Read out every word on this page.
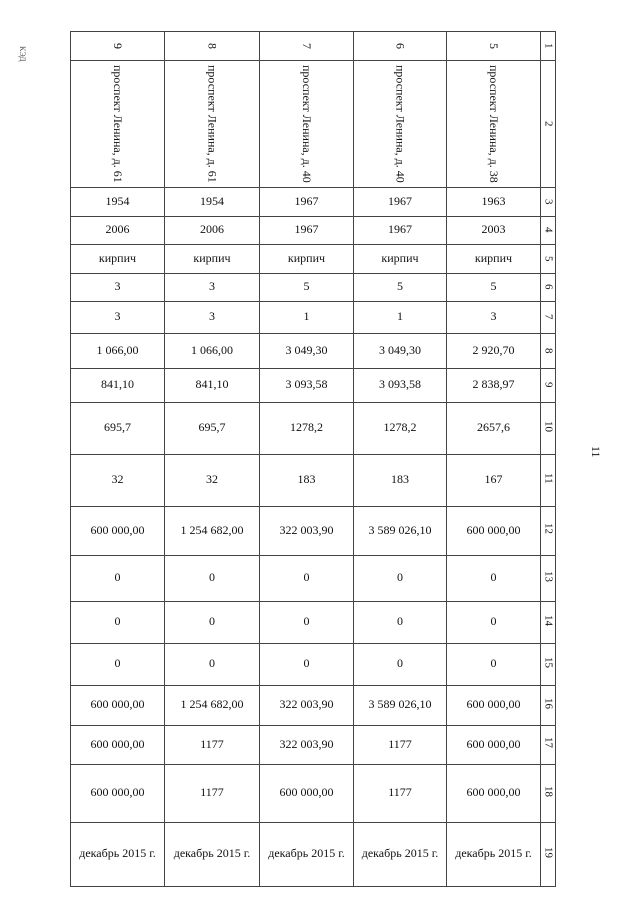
КЭД
11
9	8	7	6	5	1
проспект Ленина, д. 61	проспект Ленина, д. 61	проспект Ленина, д. 40	проспект Ленина, д. 40	проспект Ленина, д. 38	2
1954	1954	1967	1967	1963	3
2006	2006	1967	1967	2003	4
кирпич	кирпич	кирпич	кирпич	кирпич	5
3	3	5	5	5	6
3	3	1	1	3	7
1 066,00	1 066,00	3 049,30	3 049,30	2 920,70	8
841,10	841,10	3 093,58	3 093,58	2 838,97	9
695,7	695,7	1278,2	1278,2	2657,6	10
32	32	183	183	167	11
600 000,00	1 254 682,00	322 003,90	3 589 026,10	600 000,00	12
0	0	0	0	0	13
0	0	0	0	0	14
0	0	0	0	0	15
600 000,00	1 254 682,00	322 003,90	3 589 026,10	600 000,00	16
600 000,00	1177	322 003,90	1177	600 000,00	17
600 000,00	1177	600 000,00	1177	600 000,00	18
декабрь 2015 г.	декабрь 2015 г.	декабрь 2015 г.	декабрь 2015 г.	декабрь 2015 г.	19
